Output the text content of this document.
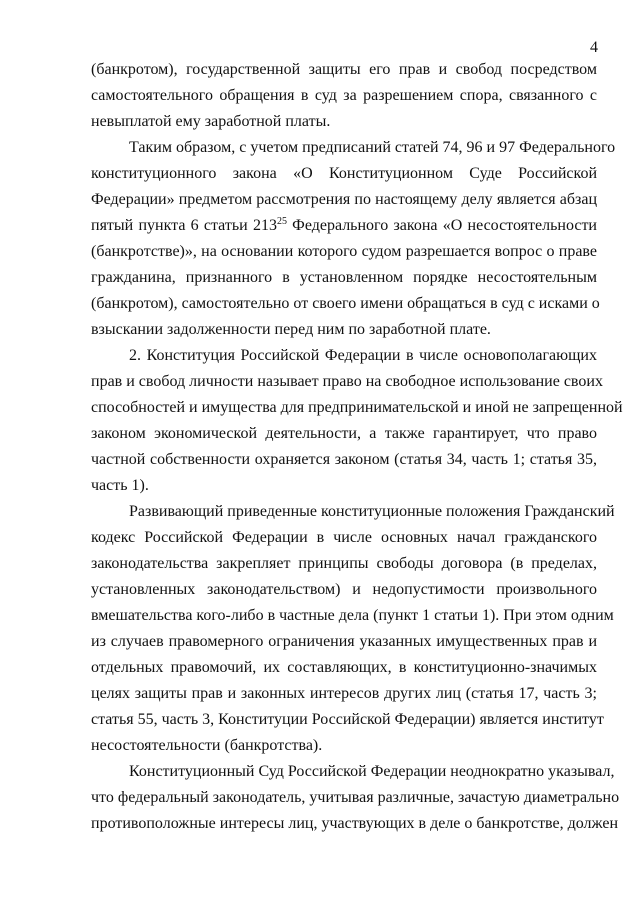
4
(банкротом), государственной защиты его прав и свобод посредством
самостоятельного обращения в суд за разрешением спора, связанного с
невыплатой ему заработной платы.
Таким образом, с учетом предписаний статей 74, 96 и 97 Федерального
конституционного закона «О Конституционном Суде Российской
Федерации» предметом рассмотрения по настоящему делу является абзац
пятый пункта 6 статьи $213^{25}$ Федерального закона «О несостоятельности
(банкротстве)», на основании которого судом разрешается вопрос о праве
гражданина, признанного в установленном порядке несостоятельным
(банкротом), самостоятельно от своего имени обращаться в суд с исками о
взыскании задолженности перед ним по заработной плате.
2. Конституция Российской Федерации в числе основополагающих
прав и свобод личности называет право на свободное использование своих
способностей и имущества для предпринимательской и иной не запрещенной
законом экономической деятельности, а также гарантирует, что право
частной собственности охраняется законом (статья 34, часть 1; статья 35,
часть 1).
Развивающий приведенные конституционные положения Гражданский
кодекс Российской Федерации в числе основных начал гражданского
законодательства закрепляет принципы свободы договора (в пределах,
установленных законодательством) и недопустимости произвольного
вмешательства кого-либо в частные дела (пункт 1 статьи 1). При этом одним
из случаев правомерного ограничения указанных имущественных прав и
отдельных правомочий, их составляющих, в конституционно-значимых
целях защиты прав и законных интересов других лиц (статья 17, часть 3;
статья 55, часть 3, Конституции Российской Федерации) является институт
несостоятельности (банкротства).
Конституционный Суд Российской Федерации неоднократно указывал,
что федеральный законодатель, учитывая различные, зачастую диаметрально
противоположные интересы лиц, участвующих в деле о банкротстве, должен
